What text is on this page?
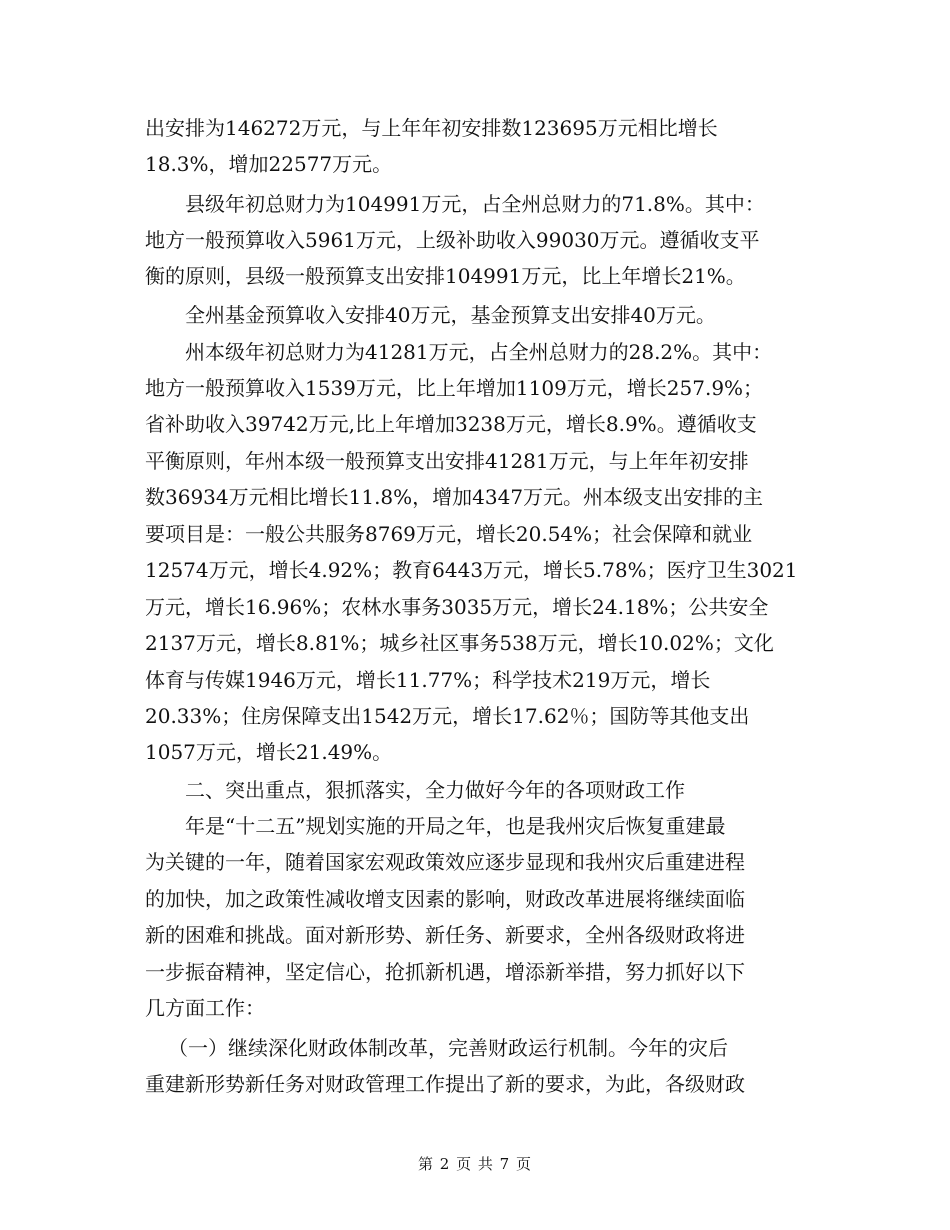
出安排为146272万元，与上年年初安排数123695万元相比增长
18.3%，增加22577万元。
县级年初总财力为104991万元，占全州总财力的71.8%。其中：
地方一般预算收入5961万元，上级补助收入99030万元。遵循收支平
衡的原则，县级一般预算支出安排104991万元，比上年增长21%。
全州基金预算收入安排40万元，基金预算支出安排40万元。
州本级年初总财力为41281万元，占全州总财力的28.2%。其中：
地方一般预算收入1539万元，比上年增加1109万元，增长257.9%；
省补助收入39742万元,比上年增加3238万元，增长8.9%。遵循收支
平衡原则，年州本级一般预算支出安排41281万元，与上年年初安排
数36934万元相比增长11.8%，增加4347万元。州本级支出安排的主
要项目是：一般公共服务8769万元，增长20.54%；社会保障和就业
12574万元，增长4.92%；教育6443万元，增长5.78%；医疗卫生3021
万元，增长16.96%；农林水事务3035万元，增长24.18%；公共安全
2137万元，增长8.81%；城乡社区事务538万元，增长10.02%；文化
体育与传媒1946万元，增长11.77%；科学技术219万元，增长
20.33%；住房保障支出1542万元，增长17.62％；国防等其他支出
1057万元，增长21.49%。
二、突出重点，狠抓落实，全力做好今年的各项财政工作
年是“十二五”规划实施的开局之年，也是我州灾后恢复重建最
为关键的一年，随着国家宏观政策效应逐步显现和我州灾后重建进程
的加快，加之政策性减收增支因素的影响，财政改革进展将继续面临
新的困难和挑战。面对新形势、新任务、新要求，全州各级财政将进
一步振奋精神，坚定信心，抢抓新机遇，增添新举措，努力抓好以下
几方面工作：
（一）继续深化财政体制改革，完善财政运行机制。今年的灾后
重建新形势新任务对财政管理工作提出了新的要求，为此，各级财政
第 2 页 共 7 页
